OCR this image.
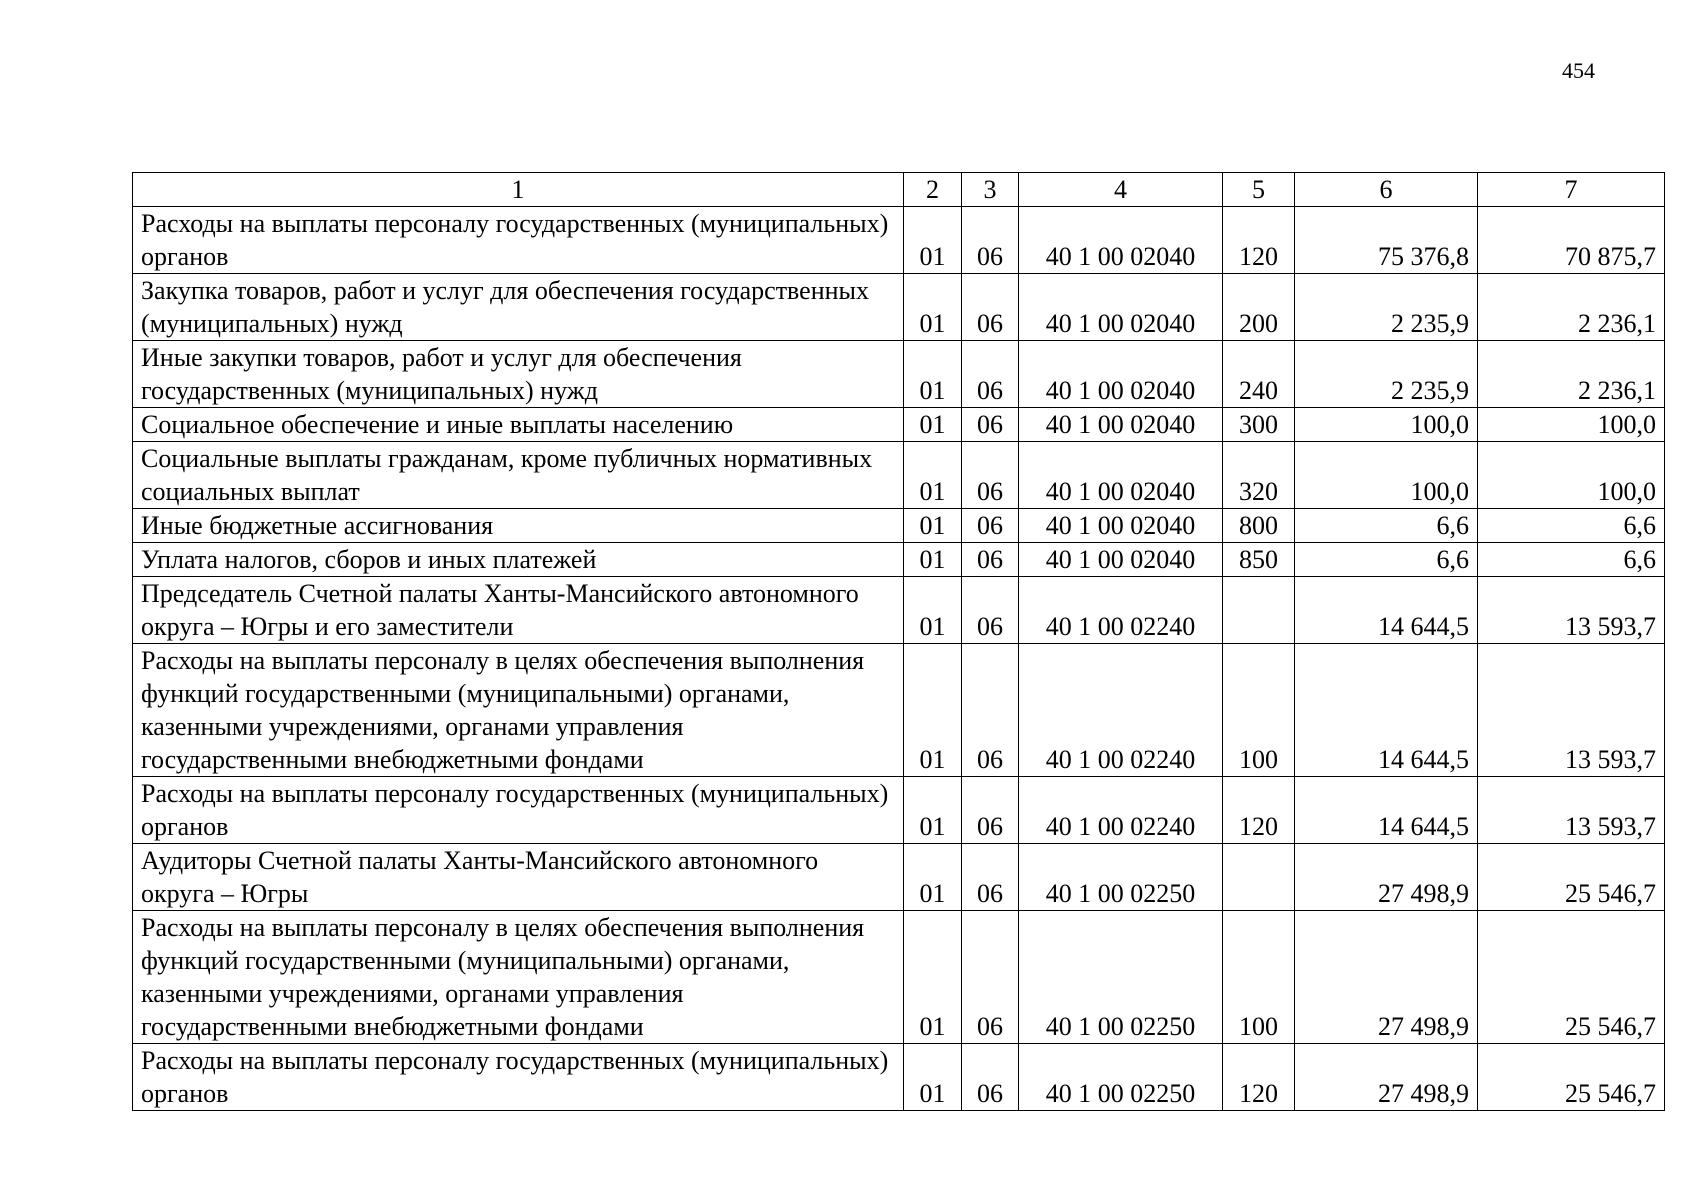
454
1	2	3	4	5	6	7
Расходы на выплаты персоналу государственных (муниципальных) органов	01	06	40 1 00 02040	120	75 376,8	70 875,7
Закупка товаров, работ и услуг для обеспечения государственных (муниципальных) нужд	01	06	40 1 00 02040	200	2 235,9	2 236,1
Иные закупки товаров, работ и услуг для обеспечения государственных (муниципальных) нужд	01	06	40 1 00 02040	240	2 235,9	2 236,1
Социальное обеспечение и иные выплаты населению	01	06	40 1 00 02040	300	100,0	100,0
Социальные выплаты гражданам, кроме публичных нормативных социальных выплат	01	06	40 1 00 02040	320	100,0	100,0
Иные бюджетные ассигнования	01	06	40 1 00 02040	800	6,6	6,6
Уплата налогов, сборов и иных платежей	01	06	40 1 00 02040	850	6,6	6,6
Председатель Счетной палаты Ханты-Мансийского автономного округа – Югры и его заместители	01	06	40 1 00 02240		14 644,5	13 593,7
Расходы на выплаты персоналу в целях обеспечения выполнения функций государственными (муниципальными) органами, казенными учреждениями, органами управления государственными внебюджетными фондами	01	06	40 1 00 02240	100	14 644,5	13 593,7
Расходы на выплаты персоналу государственных (муниципальных) органов	01	06	40 1 00 02240	120	14 644,5	13 593,7
Аудиторы Счетной палаты Ханты-Мансийского автономного округа – Югры	01	06	40 1 00 02250		27 498,9	25 546,7
Расходы на выплаты персоналу в целях обеспечения выполнения функций государственными (муниципальными) органами, казенными учреждениями, органами управления государственными внебюджетными фондами	01	06	40 1 00 02250	100	27 498,9	25 546,7
Расходы на выплаты персоналу государственных (муниципальных) органов	01	06	40 1 00 02250	120	27 498,9	25 546,7
